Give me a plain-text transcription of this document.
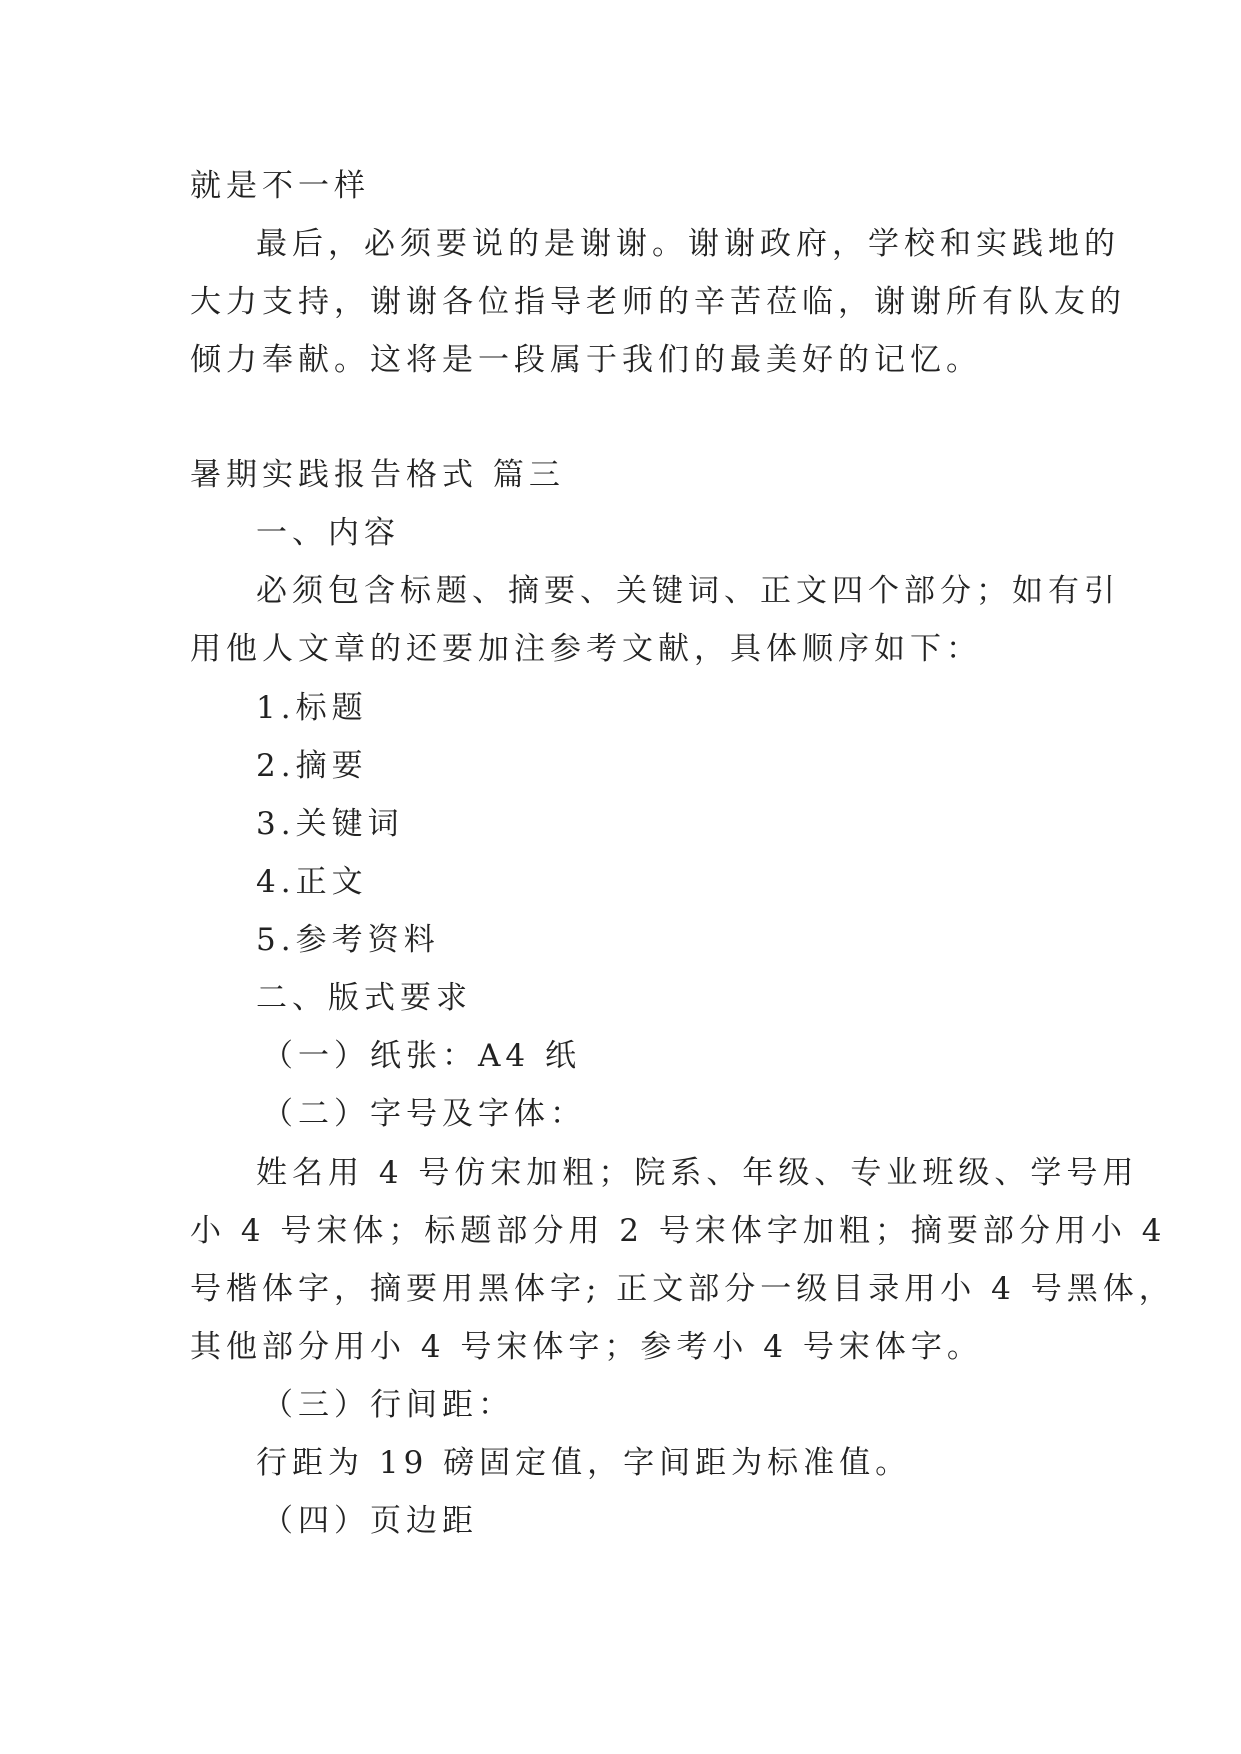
就是不一样
最后，必须要说的是谢谢。谢谢政府，学校和实践地的
大力支持，谢谢各位指导老师的辛苦莅临，谢谢所有队友的
倾力奉献。这将是一段属于我们的最美好的记忆。
暑期实践报告格式 篇三
一、内容
必须包含标题、摘要、关键词、正文四个部分；如有引
用他人文章的还要加注参考文献，具体顺序如下：
1.标题
2.摘要
3.关键词
4.正文
5.参考资料
二、版式要求
（一）纸张：A4 纸
（二）字号及字体：
姓名用 4 号仿宋加粗；院系、年级、专业班级、学号用
小 4 号宋体；标题部分用 2 号宋体字加粗；摘要部分用小 4
号楷体字，摘要用黑体字; 正文部分一级目录用小 4 号黑体，
其他部分用小 4 号宋体字；参考小 4 号宋体字。
（三）行间距：
行距为 19 磅固定值，字间距为标准值。
（四）页边距
